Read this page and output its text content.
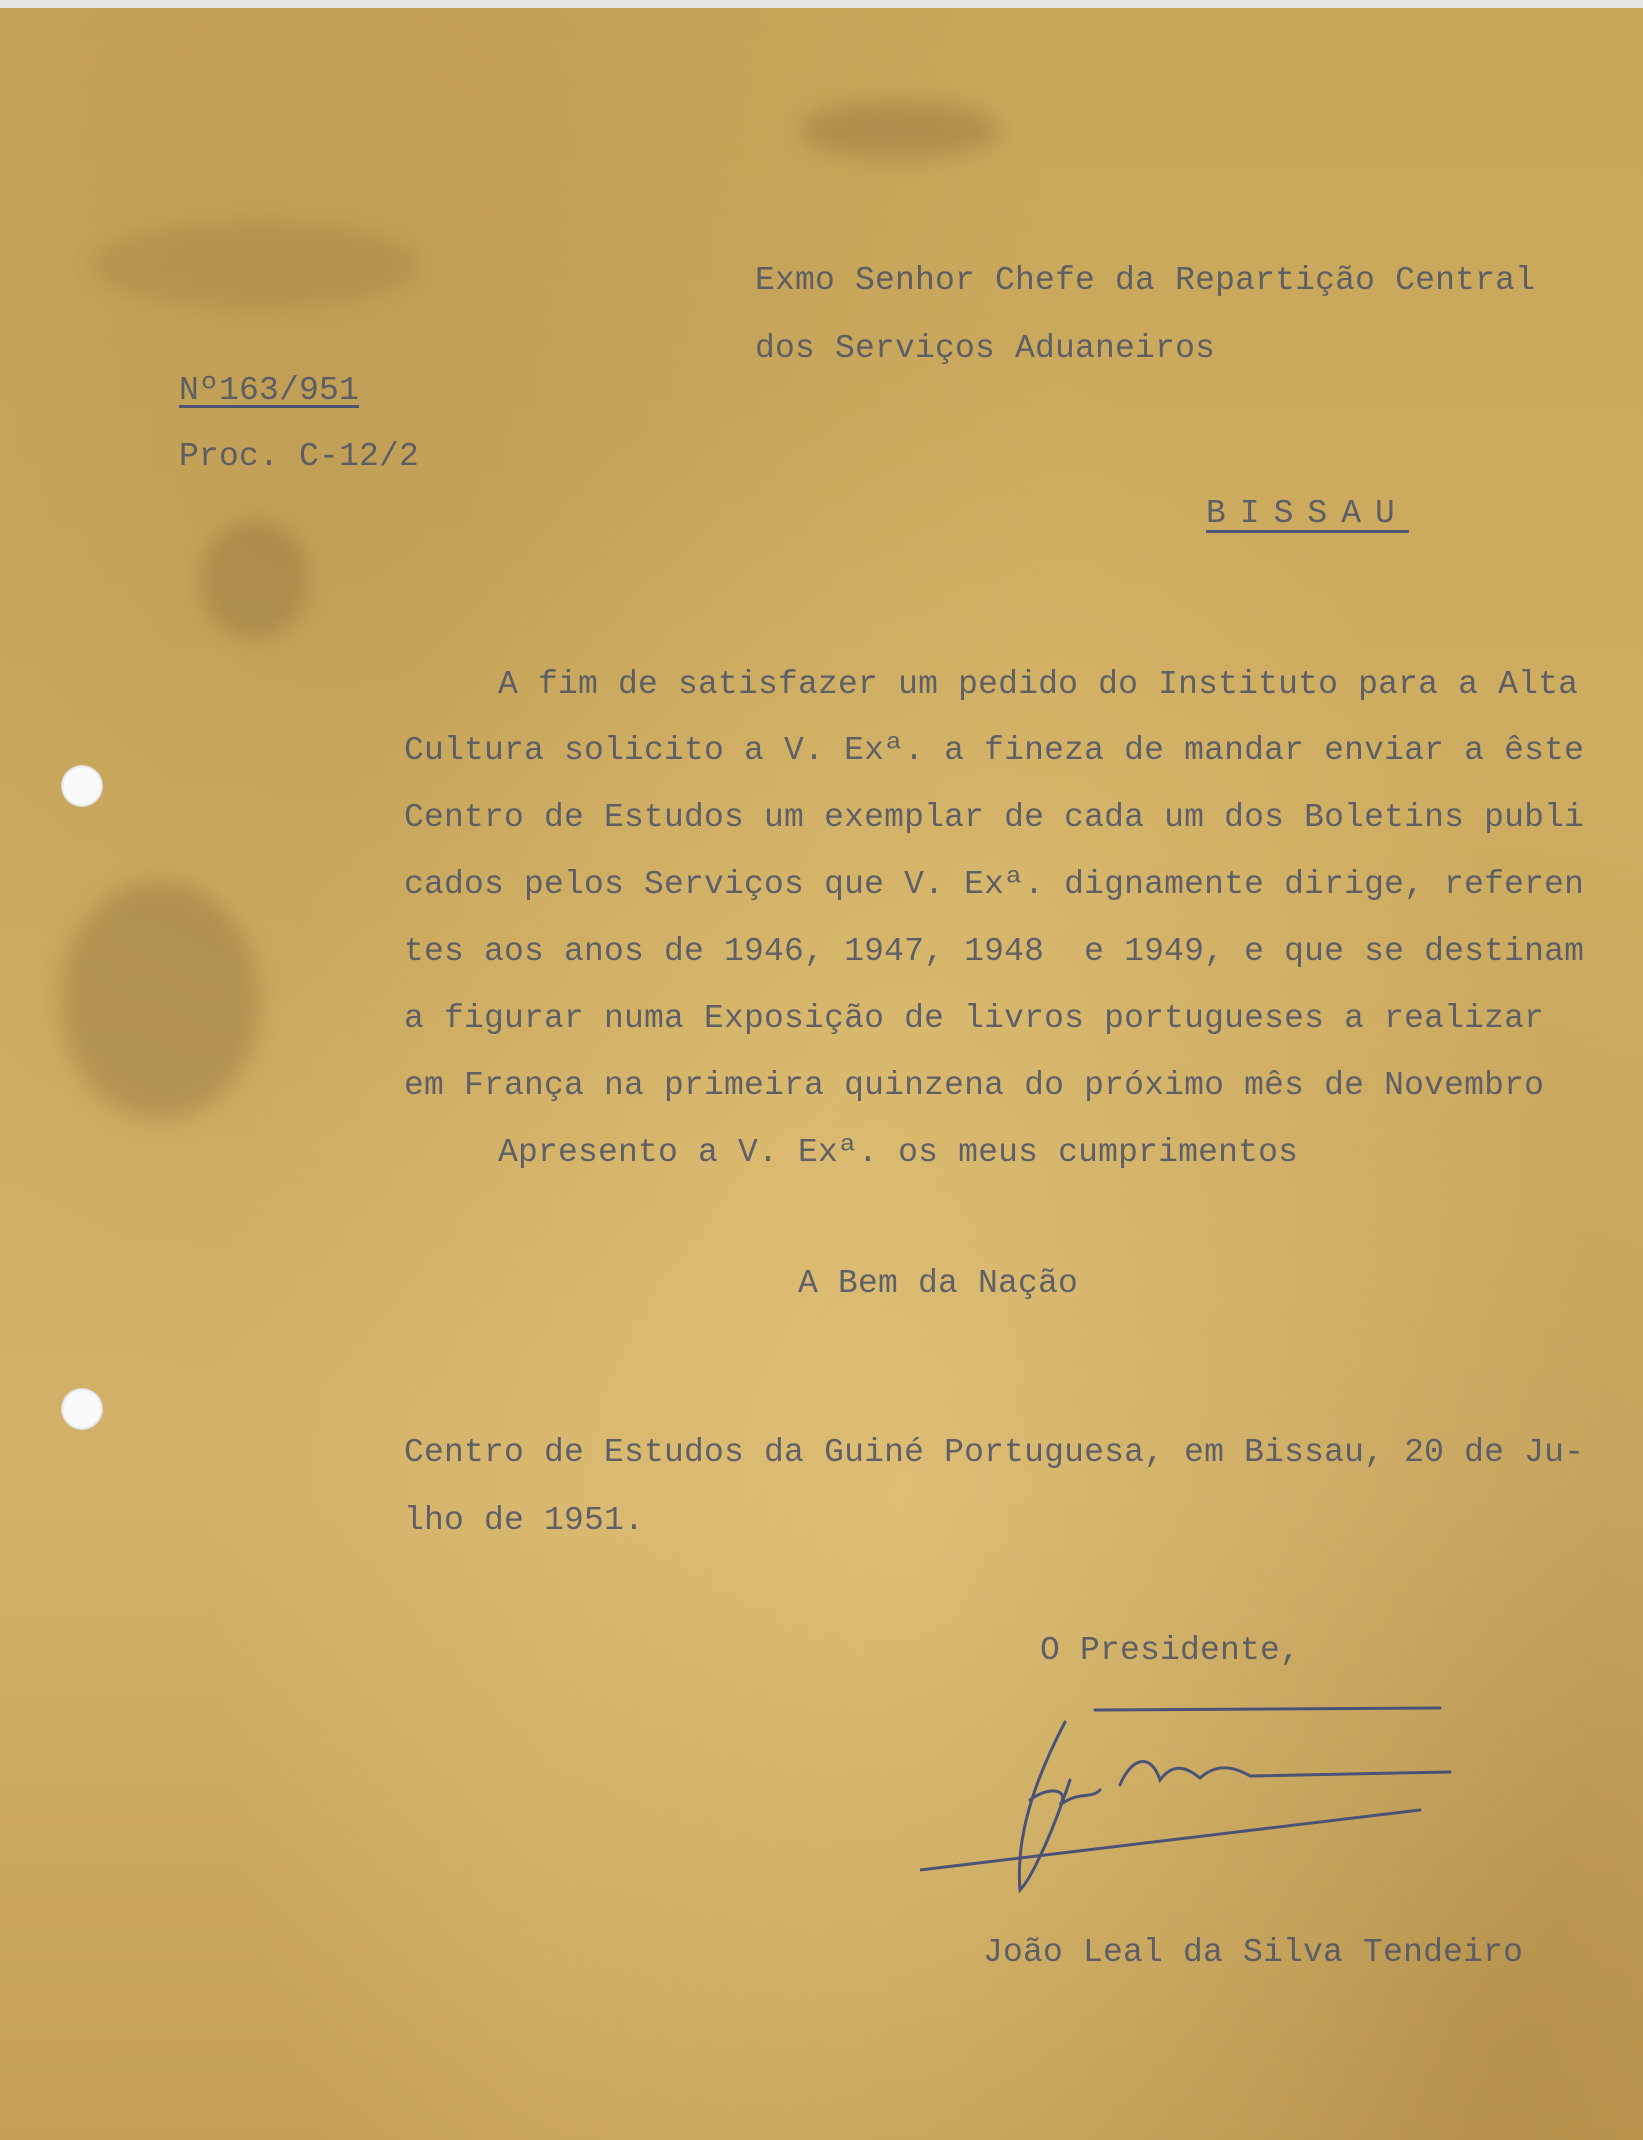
Exmo Senhor Chefe da Repartição Central
dos Serviços Aduaneiros
Nº163/951
Proc. C-12/2
BISSAU
A fim de satisfazer um pedido do Instituto para a Alta
Cultura solicito a V. Exª. a fineza de mandar enviar a êste
Centro de Estudos um exemplar de cada um dos Boletins publi
cados pelos Serviços que V. Exª. dignamente dirige, referen
tes aos anos de 1946, 1947, 1948  e 1949, e que se destinam
a figurar numa Exposição de livros portugueses a realizar
em França na primeira quinzena do próximo mês de Novembro
Apresento a V. Exª. os meus cumprimentos
A Bem da Nação
Centro de Estudos da Guiné Portuguesa, em Bissau, 20 de Ju-
lho de 1951.
O Presidente,
João Leal da Silva Tendeiro
